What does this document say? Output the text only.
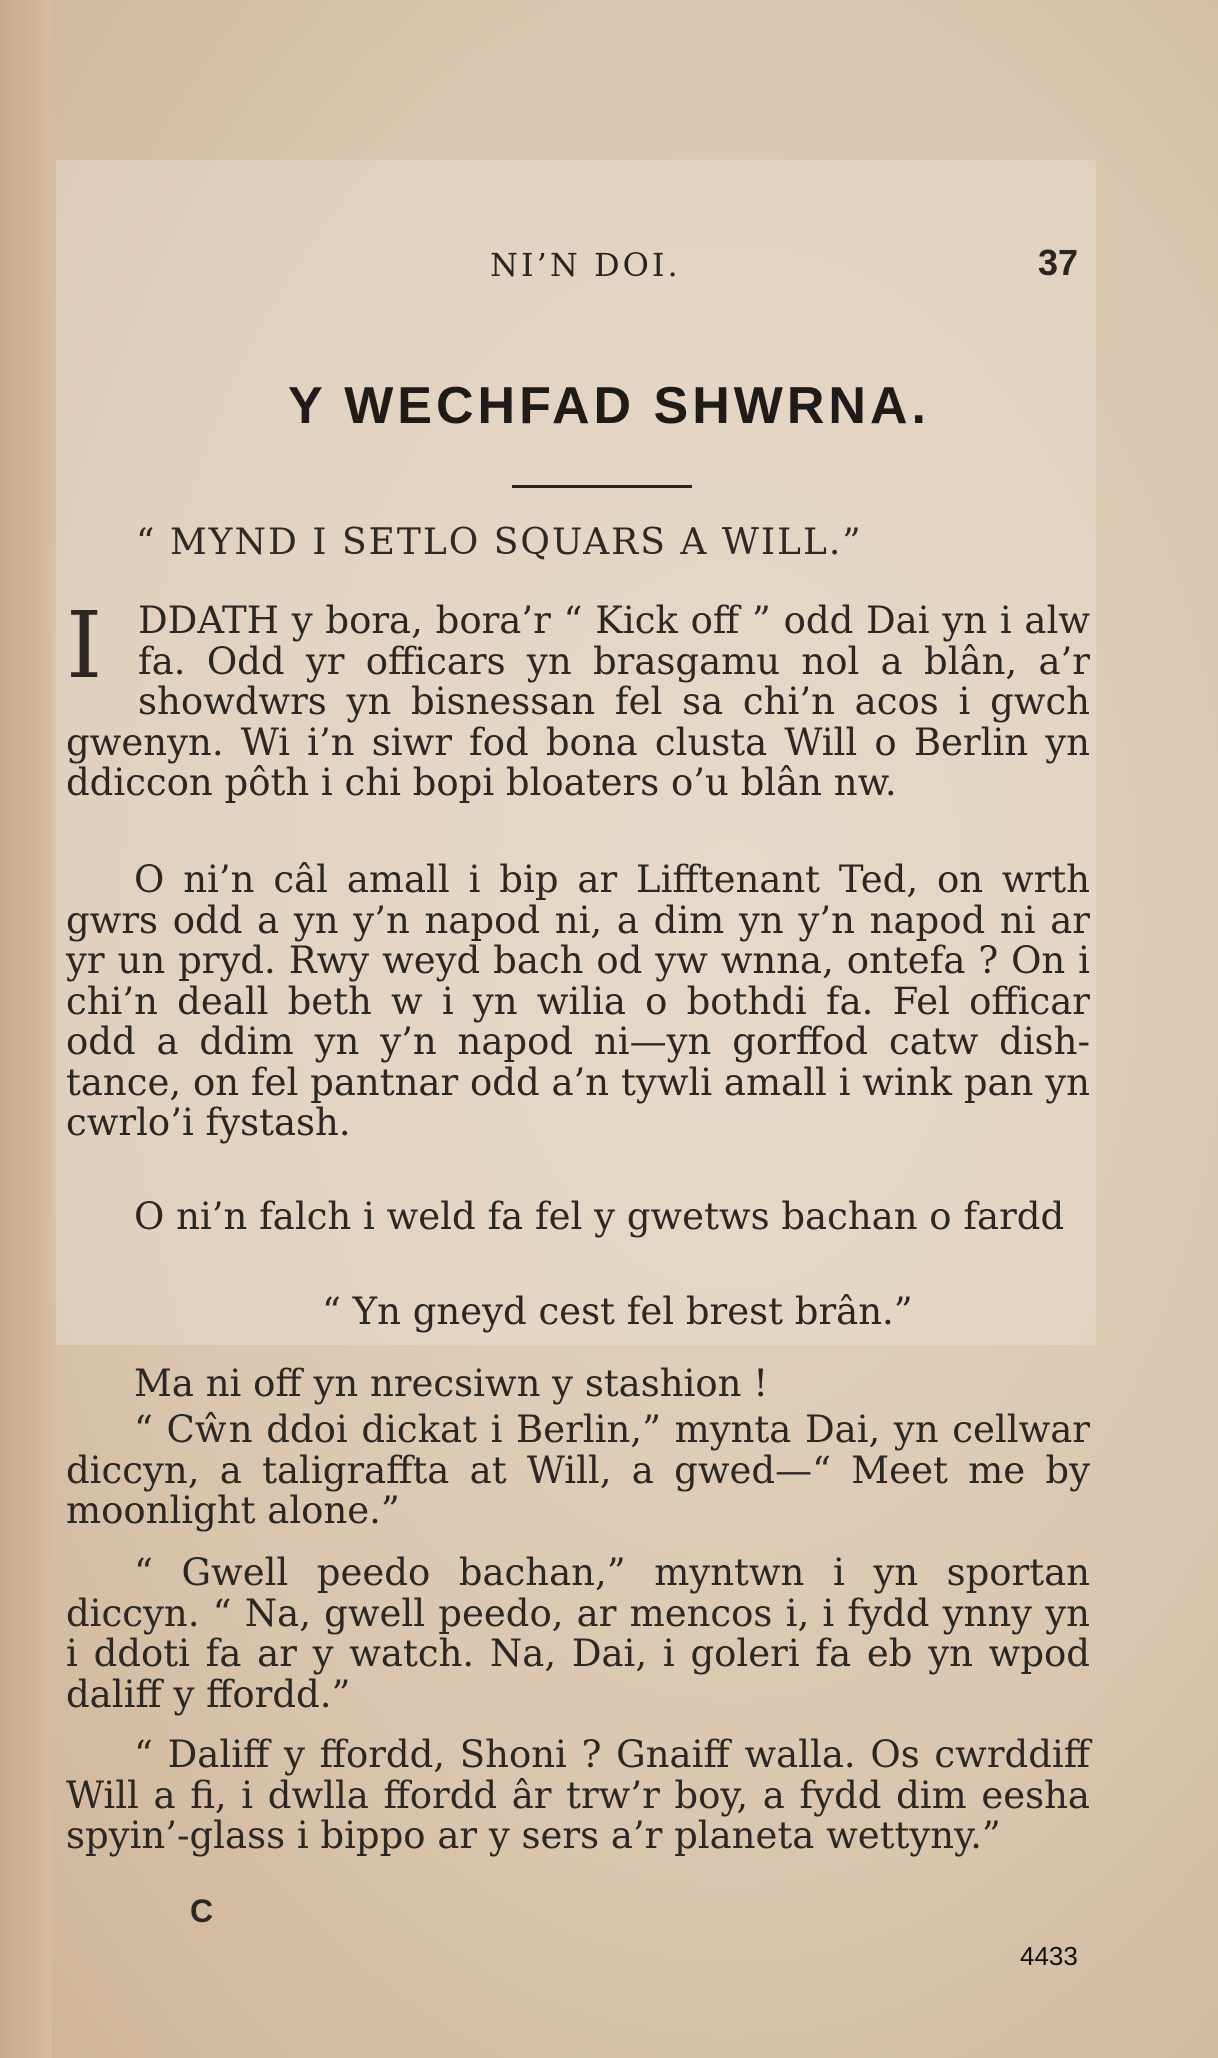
NI’N DOI.	37
Y WECHFAD SHWRNA.
“ MYND I SETLO SQUARS A WILL.”
I DDATH y bora, bora’r “ Kick off ” odd Dai yn i alw fa. Odd yr officars yn brasgamu nol a blân, a’r showdwrs yn bisnessan fel sa chi’n acos i gwch gwenyn. Wi i’n siwr fod bona clusta Will o Berlin yn ddiccon pôth i chi bopi bloaters o’u blân nw.
O ni’n câl amall i bip ar Lifftenant Ted, on wrth gwrs odd a yn y’n napod ni, a dim yn y’n napod ni ar yr un pryd. Rwy weyd bach od yw wnna, ontefa ? On i chi’n deall beth w i yn wilia o bothdi fa. Fel officar odd a ddim yn y’n napod ni—yn gorffod catw dish-tance, on fel pantnar odd a’n tywli amall i wink pan yn cwrlo’i fystash.
O ni’n falch i weld fa fel y gwetws bachan o fardd
“ Yn gneyd cest fel brest brân.”
Ma ni off yn nrecsiwn y stashion !
“ Cŵn ddoi dickat i Berlin,” mynta Dai, yn cellwar diccyn, a taligraffta at Will, a gwed—“ Meet me by moonlight alone.”
“ Gwell peedo bachan,” myntwn i yn sportan diccyn. “ Na, gwell peedo, ar mencos i, i fydd ynny yn i ddoti fa ar y watch. Na, Dai, i goleri fa eb yn wpod daliff y ffordd.”
“ Daliff y ffordd, Shoni ? Gnaiff walla. Os cwrddiff Will a fi, i dwlla ffordd âr trw’r boy, a fydd dim eesha spyin’-glass i bippo ar y sers a’r planeta wettyny.”
C
4433
